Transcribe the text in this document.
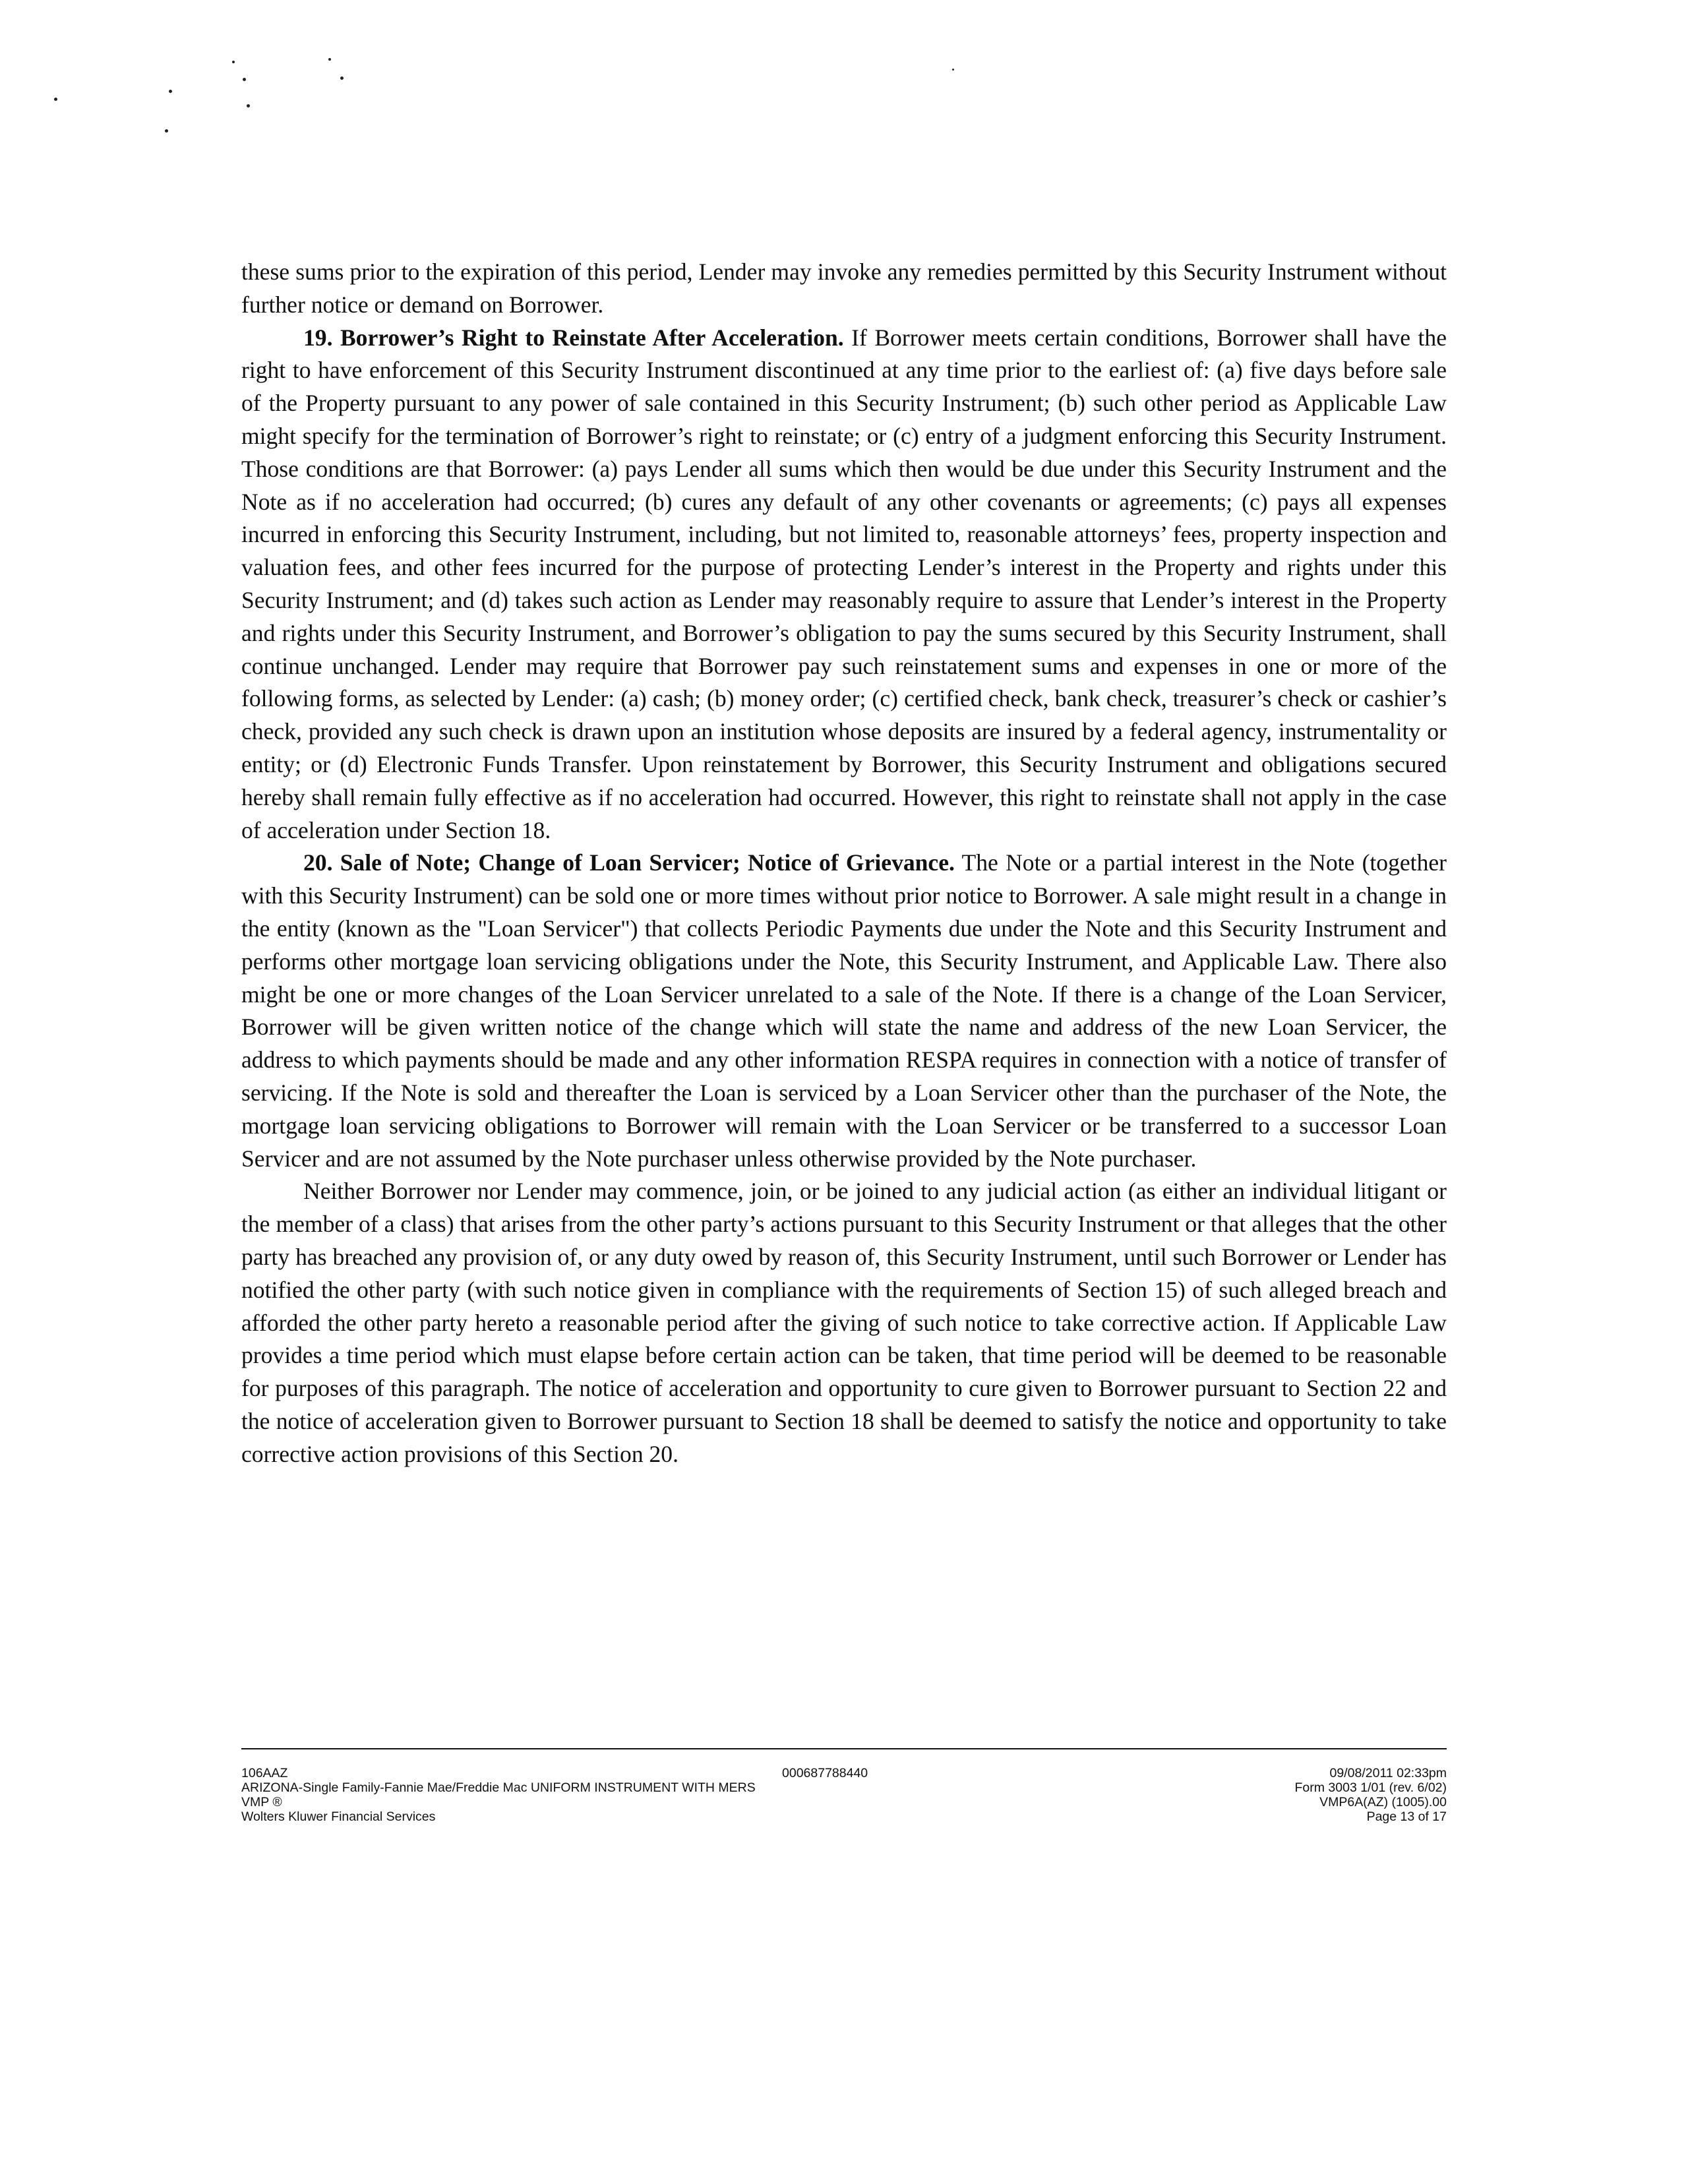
these sums prior to the expiration of this period, Lender may invoke any remedies permitted by this Security Instrument without further notice or demand on Borrower.

19. Borrower’s Right to Reinstate After Acceleration. If Borrower meets certain conditions, Borrower shall have the right to have enforcement of this Security Instrument discontinued at any time prior to the earliest of: (a) five days before sale of the Property pursuant to any power of sale contained in this Security Instrument; (b) such other period as Applicable Law might specify for the termination of Borrower’s right to reinstate; or (c) entry of a judgment enforcing this Security Instrument. Those conditions are that Borrower: (a) pays Lender all sums which then would be due under this Security Instrument and the Note as if no acceleration had occurred; (b) cures any default of any other covenants or agreements; (c) pays all expenses incurred in enforcing this Security Instrument, including, but not limited to, reasonable attorneys’ fees, property inspection and valuation fees, and other fees incurred for the purpose of protecting Lender’s interest in the Property and rights under this Security Instrument; and (d) takes such action as Lender may reasonably require to assure that Lender’s interest in the Property and rights under this Security Instrument, and Borrower’s obligation to pay the sums secured by this Security Instrument, shall continue unchanged. Lender may require that Borrower pay such reinstatement sums and expenses in one or more of the following forms, as selected by Lender: (a) cash; (b) money order; (c) certified check, bank check, treasurer’s check or cashier’s check, provided any such check is drawn upon an institution whose deposits are insured by a federal agency, instrumentality or entity; or (d) Electronic Funds Transfer. Upon reinstatement by Borrower, this Security Instrument and obligations secured hereby shall remain fully effective as if no acceleration had occurred. However, this right to reinstate shall not apply in the case of acceleration under Section 18.

20. Sale of Note; Change of Loan Servicer; Notice of Grievance. The Note or a partial interest in the Note (together with this Security Instrument) can be sold one or more times without prior notice to Borrower. A sale might result in a change in the entity (known as the "Loan Servicer") that collects Periodic Payments due under the Note and this Security Instrument and performs other mortgage loan servicing obligations under the Note, this Security Instrument, and Applicable Law. There also might be one or more changes of the Loan Servicer unrelated to a sale of the Note. If there is a change of the Loan Servicer, Borrower will be given written notice of the change which will state the name and address of the new Loan Servicer, the address to which payments should be made and any other information RESPA requires in connection with a notice of transfer of servicing. If the Note is sold and thereafter the Loan is serviced by a Loan Servicer other than the purchaser of the Note, the mortgage loan servicing obligations to Borrower will remain with the Loan Servicer or be transferred to a successor Loan Servicer and are not assumed by the Note purchaser unless otherwise provided by the Note purchaser.

Neither Borrower nor Lender may commence, join, or be joined to any judicial action (as either an individual litigant or the member of a class) that arises from the other party’s actions pursuant to this Security Instrument or that alleges that the other party has breached any provision of, or any duty owed by reason of, this Security Instrument, until such Borrower or Lender has notified the other party (with such notice given in compliance with the requirements of Section 15) of such alleged breach and afforded the other party hereto a reasonable period after the giving of such notice to take corrective action. If Applicable Law provides a time period which must elapse before certain action can be taken, that time period will be deemed to be reasonable for purposes of this paragraph. The notice of acceleration and opportunity to cure given to Borrower pursuant to Section 22 and the notice of acceleration given to Borrower pursuant to Section 18 shall be deemed to satisfy the notice and opportunity to take corrective action provisions of this Section 20.

106AAZ
ARIZONA-Single Family-Fannie Mae/Freddie Mac UNIFORM INSTRUMENT WITH MERS
VMP ®
Wolters Kluwer Financial Services
000687788440	09/08/2011 02:33pm
Form 3003 1/01 (rev. 6/02)
VMP6A(AZ) (1005).00
Page 13 of 17
